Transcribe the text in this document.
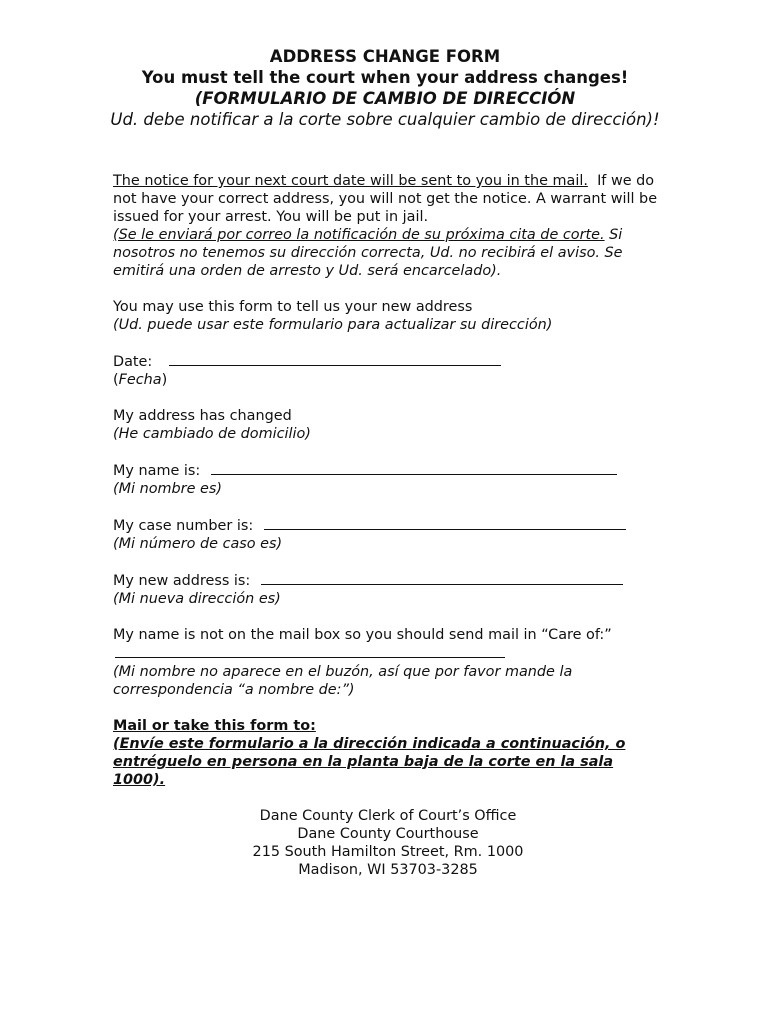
ADDRESS CHANGE FORM
You must tell the court when your address changes!
(FORMULARIO DE CAMBIO DE DIRECCIÓN
Ud. debe notificar a la corte sobre cualquier cambio de dirección)!

The notice for your next court date will be sent to you in the mail. If we do not have your correct address, you will not get the notice. A warrant will be issued for your arrest. You will be put in jail.

(Se le enviará por correo la notificación de su próxima cita de corte. Si nosotros no tenemos su dirección correcta, Ud. no recibirá el aviso. Se emitirá una orden de arresto y Ud. será encarcelado).

You may use this form to tell us your new address

(Ud. puede usar este formulario para actualizar su dirección)

Date:

(Fecha)

My address has changed

(He cambiado de domicilio)

My name is:

(Mi nombre es)

My case number is:

(Mi número de caso es)

My new address is:

(Mi nueva dirección es)

My name is not on the mail box so you should send mail in “Care of:”

(Mi nombre no aparece en el buzón, así que por favor mande la correspondencia “a nombre de:”)

Mail or take this form to:

(Envíe este formulario a la dirección indicada a continuación, o entréguelo en persona en la planta baja de la corte en la sala 1000).

Dane County Clerk of Court’s Office

Dane County Courthouse

215 South Hamilton Street, Rm. 1000

Madison, WI 53703-3285
